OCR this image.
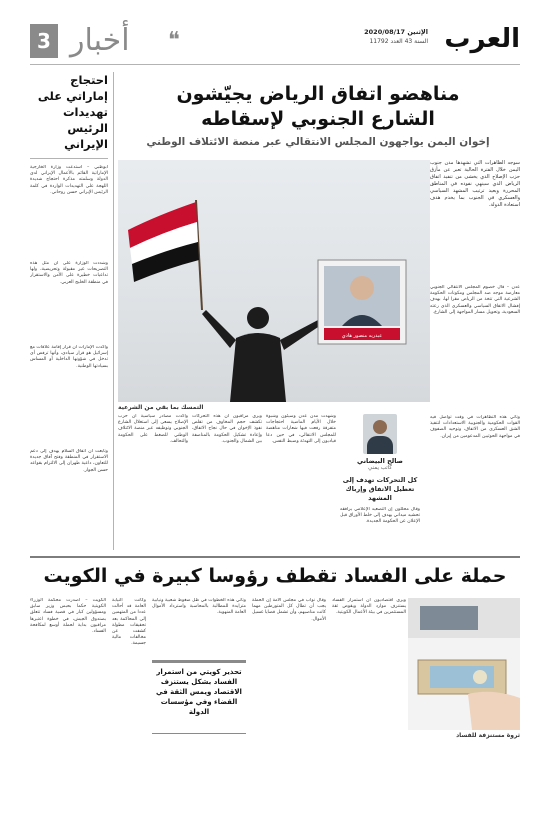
3 أخبار ❝	الإثنين 2020/08/17
السنة 43 العدد 11792 العرب
احتجاج إماراتي على تهديدات الرئيس الإيراني

أبوظبي – استدعت وزارة الخارجية الإماراتية القائم بالأعمال الإيراني لدى الدولة وسلمته مذكرة احتجاج شديدة اللهجة على التهديدات الواردة في كلمة الرئيس الإيراني حسن روحاني.

وشددت الوزارة على أن مثل هذه التصريحات غير مقبولة وتحريضية، ولها تداعيات خطيرة على الأمن والاستقرار في منطقة الخليج العربي.

وأكدت الإمارات أن قرار إقامة علاقات مع إسرائيل هو قرار سيادي، وأنها ترفض أي تدخل في شؤونها الداخلية أو المساس بسيادتها الوطنية.

وتابعت أن اتفاق السلام يهدف إلى دعم الاستقرار في المنطقة وفتح آفاق جديدة للتعاون، داعية طهران إلى الالتزام بقواعد حسن الجوار.

مناهضو اتفاق الرياض يجيّشون
الشارع الجنوبي لإسقاطه
إخوان اليمن يواجهون المجلس الانتقالي عبر منصة الائتلاف الوطني

سوجه الظاهرات التي تشهدها مدن جنوب اليمن خلال الفترة الحالية تعبر عن مأزق حزب الإصلاح الذي يخشى من تنفيذ اتفاق الرياض الذي سينهي نفوذه في المناطق المحررة ويعيد ترتيب المشهد السياسي والعسكري في الجنوب بما يخدم هدف استعادة الدولة.

عبدربه منصور هادي
التمسك بما بقي من الشرعية

عدن – قال خصوم المجلس الانتقالي الجنوبي معارضة موجه ضد المجلس ومكونات الحكومة الشرعية التي تتخذ من الرياض مقرا لها، بهدف إفشال الاتفاق السياسي والعسكري الذي رعته السعودية، وتحويل مسار المواجهة إلى الشارع.

وتأتي هذه التظاهرات في وقت تواصل فيه القوات الحكومية والجنوبية الاستعدادات لتنفيذ الشق العسكري من الاتفاق، وتوحيد الصفوف في مواجهة الحوثيين المدعومين من إيران.

وأكدت مصادر سياسية أن حزب الإصلاح يسعى إلى استغلال الشارع الجنوبي وتوظيفه عبر منصة الائتلاف الوطني للضغط على الحكومة والتحالف.

ويرى مراقبون أن هذه التحركات تكشف حجم المخاوف من تقلص نفوذ الإخوان في حال نجاح الاتفاق، وإعادة تشكيل الحكومة بالمناصفة بين الشمال والجنوب.

وشهدت مدن عدن وسيئون وشبوة خلال الأيام الماضية احتجاجات متفرقة رفعت فيها شعارات مناهضة للمجلس الانتقالي، في حين دعا قياديون إلى التهدئة وضبط النفس.

صالح البيضاني
كاتب يمني
كل التحركات تهدف إلى تعطيل الاتفاق وإرباك المشهد

وقال محللون إن التصعيد الإعلامي يرافقه تحشيد ميداني يهدف إلى خلط الأوراق قبل الإعلان عن الحكومة الجديدة.

حملة على الفساد تقطف رؤوسا كبيرة في الكويت
ثروة مستنزفة للفساد
تحذير كويتي من استمرار الفساد بشكل يستنزف الاقتصاد ويمس الثقة في القضاء وفي مؤسسات الدولة

الكويت – أصدرت محكمة الوزراء الكويتية حكما بحبس وزير سابق ومسؤولين كبار في قضية فساد تتعلق بصندوق الجيش، في خطوة اعتبرها مراقبون بداية لحملة أوسع لمكافحة الفساد.

وكانت النيابة العامة قد أحالت عددا من المتهمين إلى المحاكمة بعد تحقيقات مطولة كشفت عن مخالفات مالية جسيمة.

وتأتي هذه الخطوات في ظل ضغوط شعبية ونيابية متزايدة للمطالبة بالمحاسبة واسترداد الأموال العامة المنهوبة.

وقال نواب في مجلس الأمة إن الحملة يجب أن تطال كل المتورطين مهما كانت مناصبهم، وأن تشمل قضايا غسيل الأموال.

ويرى اقتصاديون أن استمرار الفساد يستنزف موارد الدولة ويقوض ثقة المستثمرين في بيئة الأعمال الكويتية.
